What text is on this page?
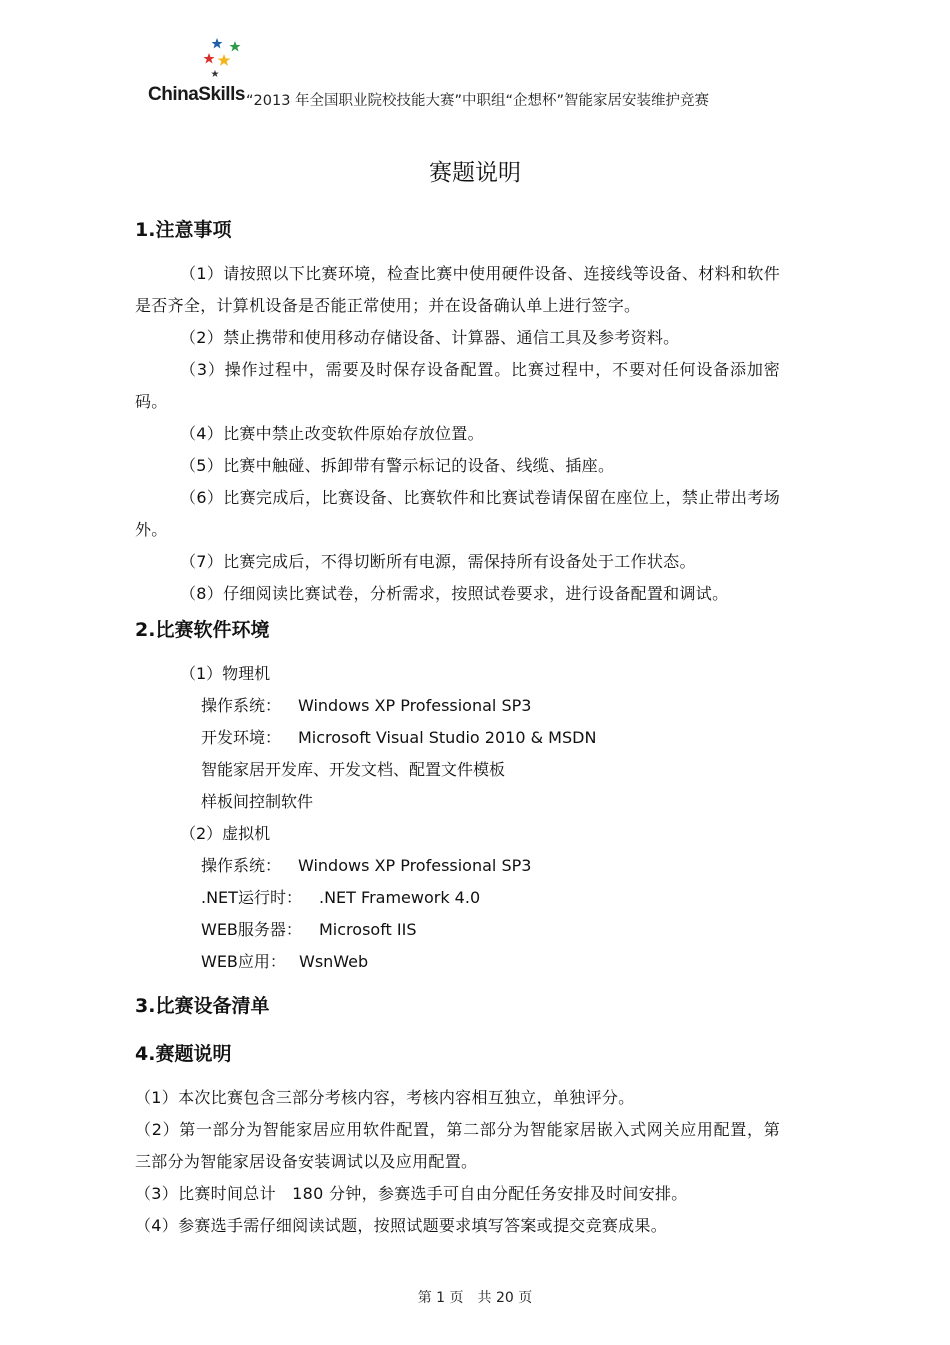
ChinaSkills “2013 年全国职业院校技能大赛”中职组“企想杯”智能家居安装维护竞赛
赛题说明
1.注意事项

（1）请按照以下比赛环境，检查比赛中使用硬件设备、连接线等设备、材料和软件是否齐全，计算机设备是否能正常使用；并在设备确认单上进行签字。

（2）禁止携带和使用移动存储设备、计算器、通信工具及参考资料。

（3）操作过程中，需要及时保存设备配置。比赛过程中，不要对任何设备添加密码。

（4）比赛中禁止改变软件原始存放位置。

（5）比赛中触碰、拆卸带有警示标记的设备、线缆、插座。

（6）比赛完成后，比赛设备、比赛软件和比赛试卷请保留在座位上，禁止带出考场外。

（7）比赛完成后，不得切断所有电源，需保持所有设备处于工作状态。

（8）仔细阅读比赛试卷，分析需求，按照试卷要求，进行设备配置和调试。

2.比赛软件环境

（1）物理机

操作系统： Windows XP Professional SP3

开发环境： Microsoft Visual Studio 2010 & MSDN

智能家居开发库、开发文档、配置文件模板

样板间控制软件

（2）虚拟机

操作系统： Windows XP Professional SP3

.NET运行时： .NET Framework 4.0

WEB服务器： Microsoft IIS

WEB应用： WsnWeb

3.比赛设备清单
4.赛题说明

（1）本次比赛包含三部分考核内容，考核内容相互独立，单独评分。

（2）第一部分为智能家居应用软件配置，第二部分为智能家居嵌入式网关应用配置，第三部分为智能家居设备安装调试以及应用配置。

（3）比赛时间总计　180 分钟，参赛选手可自由分配任务安排及时间安排。

（4）参赛选手需仔细阅读试题，按照试题要求填写答案或提交竞赛成果。

第 1 页　共 20 页
